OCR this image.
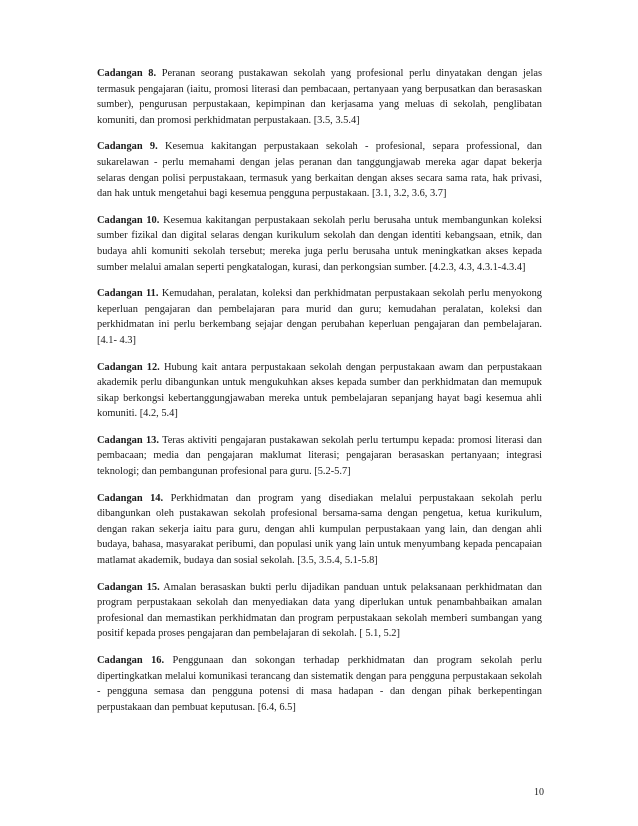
Cadangan 8. Peranan seorang pustakawan sekolah yang profesional perlu dinyatakan dengan jelas termasuk pengajaran (iaitu, promosi literasi dan pembacaan, pertanyaan yang berpusatkan dan berasaskan sumber), pengurusan perpustakaan, kepimpinan dan kerjasama yang meluas di sekolah, penglibatan komuniti, dan promosi perkhidmatan perpustakaan. [3.5, 3.5.4]

Cadangan 9. Kesemua kakitangan perpustakaan sekolah - profesional, separa professional, dan sukarelawan - perlu memahami dengan jelas peranan dan tanggungjawab mereka agar dapat bekerja selaras dengan polisi perpustakaan, termasuk yang berkaitan dengan akses secara sama rata, hak privasi, dan hak untuk mengetahui bagi kesemua pengguna perpustakaan. [3.1, 3.2, 3.6, 3.7]

Cadangan 10. Kesemua kakitangan perpustakaan sekolah perlu berusaha untuk membangunkan koleksi sumber fizikal dan digital selaras dengan kurikulum sekolah dan dengan identiti kebangsaan, etnik, dan budaya ahli komuniti sekolah tersebut; mereka juga perlu berusaha untuk meningkatkan akses kepada sumber melalui amalan seperti pengkatalogan, kurasi, dan perkongsian sumber. [4.2.3, 4.3, 4.3.1-4.3.4]

Cadangan 11. Kemudahan, peralatan, koleksi dan perkhidmatan perpustakaan sekolah perlu menyokong keperluan pengajaran dan pembelajaran para murid dan guru; kemudahan peralatan, koleksi dan perkhidmatan ini perlu berkembang sejajar dengan perubahan keperluan pengajaran dan pembelajaran. [4.1- 4.3]

Cadangan 12. Hubung kait antara perpustakaan sekolah dengan perpustakaan awam dan perpustakaan akademik perlu dibangunkan untuk mengukuhkan akses kepada sumber dan perkhidmatan dan memupuk sikap berkongsi kebertanggungjawaban mereka untuk pembelajaran sepanjang hayat bagi kesemua ahli komuniti. [4.2, 5.4]

Cadangan 13. Teras aktiviti pengajaran pustakawan sekolah perlu tertumpu kepada: promosi literasi dan pembacaan; media dan pengajaran maklumat literasi; pengajaran berasaskan pertanyaan; integrasi teknologi; dan pembangunan profesional para guru. [5.2-5.7]

Cadangan 14. Perkhidmatan dan program yang disediakan melalui perpustakaan sekolah perlu dibangunkan oleh pustakawan sekolah profesional bersama-sama dengan pengetua, ketua kurikulum, dengan rakan sekerja iaitu para guru, dengan ahli kumpulan perpustakaan yang lain, dan dengan ahli budaya, bahasa, masyarakat peribumi, dan populasi unik yang lain untuk menyumbang kepada pencapaian matlamat akademik, budaya dan sosial sekolah. [3.5, 3.5.4, 5.1-5.8]

Cadangan 15. Amalan berasaskan bukti perlu dijadikan panduan untuk pelaksanaan perkhidmatan dan program perpustakaan sekolah dan menyediakan data yang diperlukan untuk penambahbaikan amalan profesional dan memastikan perkhidmatan dan program perpustakaan sekolah memberi sumbangan yang positif kepada proses pengajaran dan pembelajaran di sekolah. [ 5.1, 5.2]

Cadangan 16. Penggunaan dan sokongan terhadap perkhidmatan dan program sekolah perlu dipertingkatkan melalui komunikasi terancang dan sistematik dengan para pengguna perpustakaan sekolah - pengguna semasa dan pengguna potensi di masa hadapan - dan dengan pihak berkepentingan perpustakaan dan pembuat keputusan. [6.4, 6.5]

10
